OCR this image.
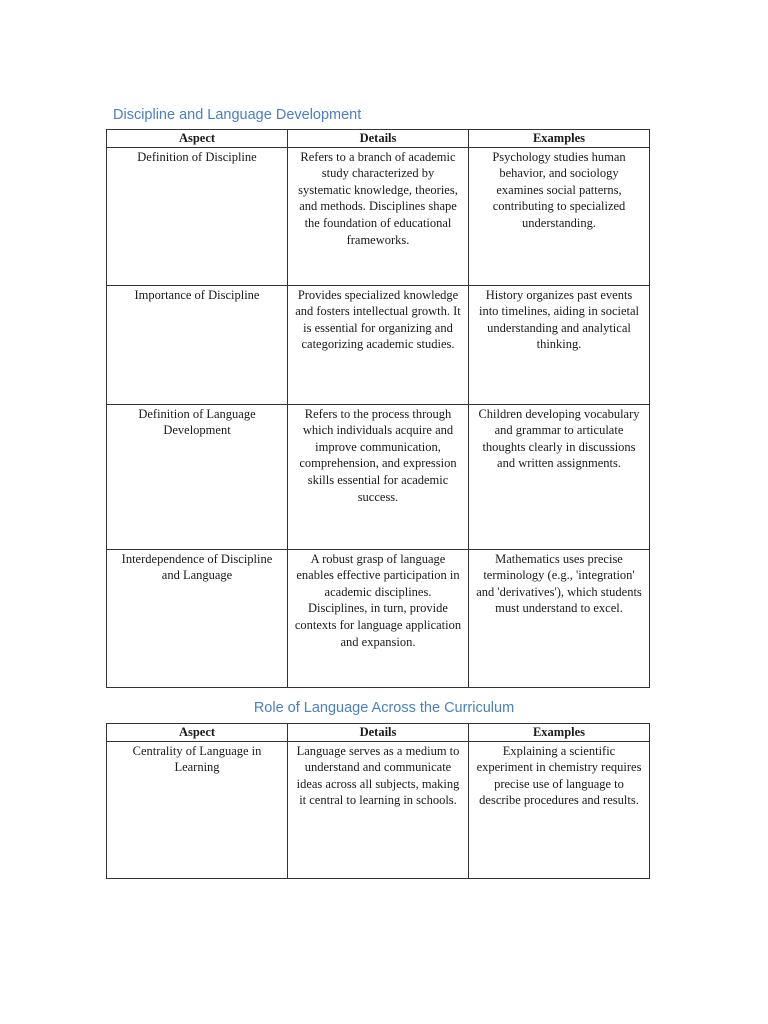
Discipline and Language Development
Aspect	Details	Examples
Definition of Discipline	Refers to a branch of academic study characterized by systematic knowledge, theories, and methods. Disciplines shape the foundation of educational frameworks.	Psychology studies human behavior, and sociology examines social patterns, contributing to specialized understanding.
Importance of Discipline	Provides specialized knowledge and fosters intellectual growth. It is essential for organizing and categorizing academic studies.	History organizes past events into timelines, aiding in societal understanding and analytical thinking.
Definition of Language Development	Refers to the process through which individuals acquire and improve communication, comprehension, and expression skills essential for academic success.	Children developing vocabulary and grammar to articulate thoughts clearly in discussions and written assignments.
Interdependence of Discipline and Language	A robust grasp of language enables effective participation in academic disciplines. Disciplines, in turn, provide contexts for language application and expansion.	Mathematics uses precise terminology (e.g., 'integration' and 'derivatives'), which students must understand to excel.
Role of Language Across the Curriculum
Aspect	Details	Examples
Centrality of Language in Learning	Language serves as a medium to understand and communicate ideas across all subjects, making it central to learning in schools.	Explaining a scientific experiment in chemistry requires precise use of language to describe procedures and results.
